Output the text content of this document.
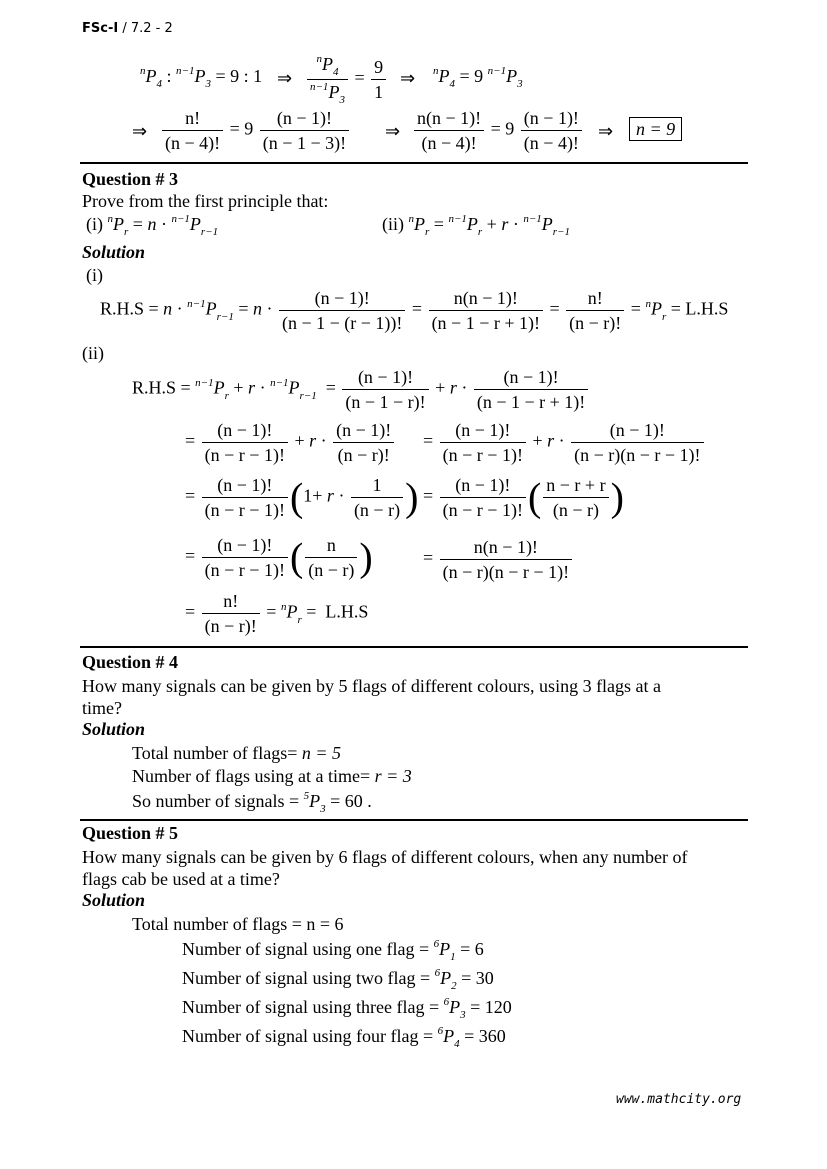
FSc-I / 7.2 - 2
$^nP_4$ : $^{n-1}P_3 = 9$ : 1 ⇒ $\frac{^nP_4}{^{n-1}P_3} = \frac{9}{1}$ ⇒ $^nP_4 = 9$ $^{n-1}P_3$
⇒ $\frac{n!}{(n - 4)!} = 9 \frac{(n - 1)!}{(n - 1 - 3)!}$ ⇒ $\frac{n(n - 1)!}{(n - 4)!} = 9 \frac{(n - 1)!}{(n - 4)!}$ ⇒	n = 9
Question # 3
Prove from the first principle that:
(i) $^nP_r = n \cdot ^{n-1}P_{r-1}$	(ii) $^nP_r = ^{n-1}P_r + r \cdot ^{n-1}P_{r-1}$
Solution
(i)
$R.H.S = n \cdot ^{n-1}P_{r-1} = n \cdot \frac{(n - 1)!}{(n - 1 - (r - 1))!} = \frac{n(n - 1)!}{(n - 1 - r + 1)!} = \frac{n!}{(n - r)!} = ^nP_r = L.H.S$
(ii)
$R.H.S = ^{n-1}P_r + r \cdot ^{n-1}P_{r-1} = \frac{(n - 1)!}{(n - 1 - r)!} + r \cdot \frac{(n - 1)!}{(n - 1 - r + 1)!}$
= $\frac{(n - 1)!}{(n - r - 1)!} + r \cdot \frac{(n - 1)!}{(n - r)!} = \frac{(n - 1)!}{(n - r - 1)!} + r \cdot \frac{(n - 1)!}{(n - r)(n - r - 1)!}$
= $\frac{(n - 1)!}{(n - r - 1)!} (1+ r \cdot \frac{1}{(n - r)}$ ) = $\frac{(n - 1)!}{(n - r - 1)!}$ ( $\frac{n - r + r}{(n - r)}$ )
= $\frac{(n - 1)!}{(n - r - 1)!}$ ( $\frac{n}{(n - r)}$ )	= $\frac{n(n - 1)!}{(n - r)(n - r - 1)!}$
= $\frac{n!}{(n - r)!} = ^nP_r = L.H.S$
Question # 4
How many signals can be given by 5 flags of different colours, using 3 flags at a
time?
Solution
Total number of flags= n = 5
Number of flags using at a time= r = 3
So number of signals = $^5P_3 = 60$ .
Question # 5
How many signals can be given by 6 flags of different colours, when any number of
flags cab be used at a time?
Solution
Total number of flags = n = 6
Number of signal using one flag = $^6P_1 = 6$
Number of signal using two flag = $^6P_2 = 30$
Number of signal using three flag = $^6P_3 = 120$
Number of signal using four flag = $^6P_4 = 360$
www.mathcity.org
